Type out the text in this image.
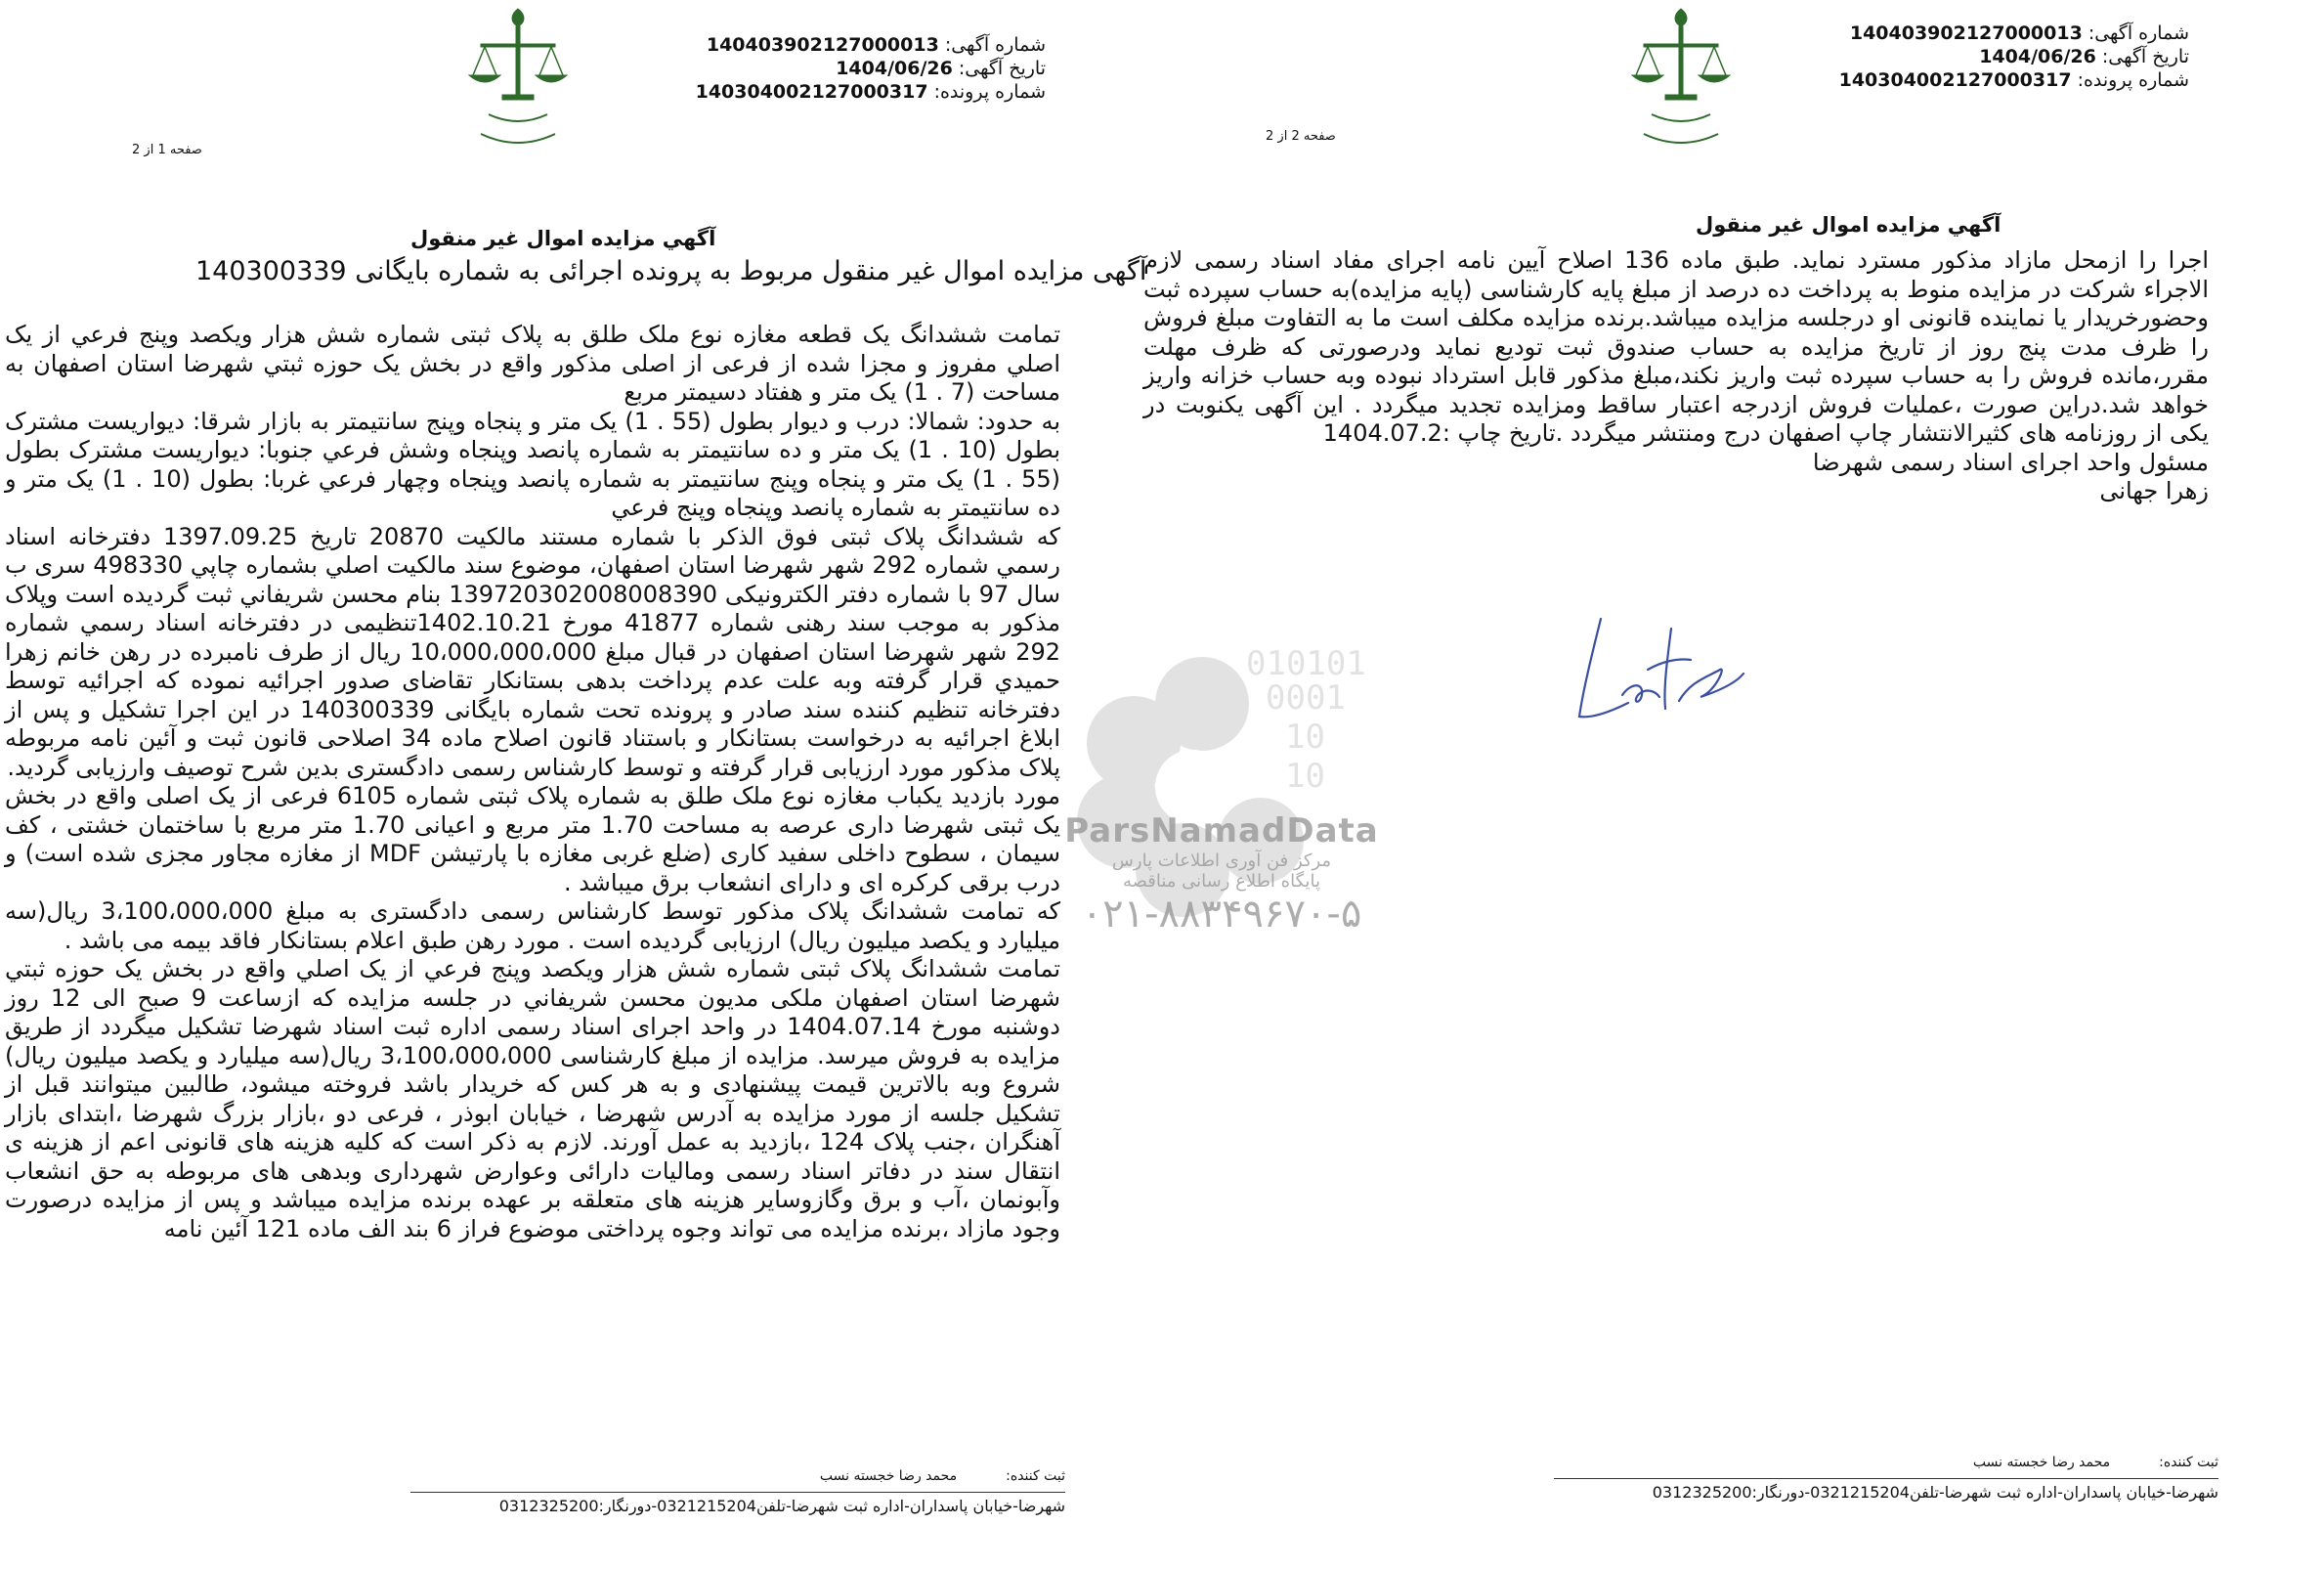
شماره آگهی:140403902127000013
تاریخ آگهی:1404/06/26
شماره پرونده:140304002127000317
صفحه 1 از 2
آگهي مزايده اموال غير منقول
آگهی مزایده اموال غیر منقول مربوط به پرونده اجرائی به شماره بایگانی 140300339

تمامت ششدانگ یک قطعه مغازه نوع ملک طلق به پلاک ثبتی شماره شش هزار ویکصد وپنج فرعي از يک اصلي مفروز و مجزا شده از فرعی از اصلی مذکور واقع در بخش یک حوزه ثبتي شهرضا استان اصفهان به مساحت (7 . 1) یک متر و هفتاد دسیمتر مربع

به حدود: شمالا: درب و دیوار بطول (55 . 1) یک متر و پنجاه وپنج سانتیمتر به بازار شرقا: دیواریست مشترک بطول (10 . 1) یک متر و ده سانتیمتر به شماره پانصد وپنجاه وشش فرعي جنوبا: دیواریست مشترک بطول (55 . 1) یک متر و پنجاه وپنج سانتیمتر به شماره پانصد وپنجاه وچهار فرعي غربا: بطول (10 . 1) یک متر و ده سانتیمتر به شماره پانصد وپنجاه وپنج فرعي

که ششدانگ پلاک ثبتی فوق الذکر با شماره مستند مالکیت 20870 تاریخ 1397.09.25 دفترخانه اسناد رسمي شماره 292 شهر شهرضا استان اصفهان، موضوع سند مالکيت اصلي بشماره چاپي 498330 سری ب سال 97 با شماره دفتر الکترونیکی 139720302008008390 بنام محسن شريفاني ثبت گردیده است وپلاک مذکور به موجب سند رهنی شماره 41877 مورخ 1402.10.21تنظیمی در دفترخانه اسناد رسمي شماره 292 شهر شهرضا استان اصفهان در قبال مبلغ 10،000،000،000 ريال از طرف نامبرده در رهن خانم زهرا حميدي قرار گرفته وبه علت عدم پرداخت بدهی بستانکار تقاضای صدور اجرائیه نموده که اجرائیه توسط دفترخانه تنظیم کننده سند صادر و پرونده تحت شماره بایگانی 140300339 در این اجرا تشکیل و پس از ابلاغ اجرائیه به درخواست بستانکار و باستناد قانون اصلاح ماده 34 اصلاحی قانون ثبت و آئین نامه مربوطه پلاک مذکور مورد ارزیابی قرار گرفته و توسط کارشناس رسمی دادگستری بدین شرح توصیف وارزیابی گردید.

مورد بازدید یکباب مغازه نوع ملک طلق به شماره پلاک ثبتی شماره 6105 فرعی از یک اصلی واقع در بخش یک ثبتی شهرضا داری عرصه به مساحت 1.70 متر مربع و اعیانی 1.70 متر مربع با ساختمان خشتی ، کف سیمان ، سطوح داخلی سفید کاری (ضلع غربی مغازه با پارتیشن MDF از مغازه مجاور مجزی شده است) و درب برقی کرکره ای و دارای انشعاب برق میباشد .

که تمامت ششدانگ پلاک مذکور توسط کارشناس رسمی دادگستری به مبلغ 3،100،000،000 ریال(سه میلیارد و یکصد میلیون ریال) ارزیابی گردیده است . مورد رهن طبق اعلام بستانکار فاقد بیمه می باشد .

تمامت ششدانگ پلاک ثبتی شماره شش هزار ویکصد وپنج فرعي از يک اصلي واقع در بخش یک حوزه ثبتي شهرضا استان اصفهان ملکی مدیون محسن شريفاني در جلسه مزایده که ازساعت 9 صبح الی 12 روز دوشنبه مورخ 1404.07.14 در واحد اجرای اسناد رسمی اداره ثبت اسناد شهرضا تشکیل میگردد از طریق مزایده به فروش میرسد. مزایده از مبلغ کارشناسی 3،100،000،000 ریال(سه میلیارد و یکصد میلیون ریال) شروع وبه بالاترین قیمت پیشنهادی و به هر کس که خریدار باشد فروخته میشود، طالبین میتوانند قبل از تشکیل جلسه از مورد مزایده به آدرس شهرضا ، خیابان ابوذر ، فرعی دو ،بازار بزرگ شهرضا ،ابتدای بازار آهنگران ،جنب پلاک 124 ،بازدید به عمل آورند. لازم به ذکر است که کلیه هزینه های قانونی اعم از هزینه ی انتقال سند در دفاتر اسناد رسمی ومالیات دارائی وعوارض شهرداری وبدهی های مربوطه به حق انشعاب وآبونمان ،آب و برق وگازوسایر هزینه های متعلقه بر عهده برنده مزایده میباشد و پس از مزایده درصورت وجود مازاد ،برنده مزایده می تواند وجوه پرداختی موضوع فراز 6 بند الف ماده 121 آئین نامه

ثبت کننده:محمد رضا خجسته نسب
شهرضا-خیابان پاسداران-اداره ثبت شهرضا-تلفن0321215204-دورنگار:0312325200
010101
0001
10
10
ParsNamadData
مرکز فن آوری اطلاعات پارس
پایگاه اطلاع رسانی مناقصه
۰۲۱-۸۸۳۴۹۶۷۰-۵
شماره آگهی:140403902127000013
تاریخ آگهی:1404/06/26
شماره پرونده:140304002127000317
صفحه 2 از 2
آگهي مزايده اموال غير منقول

اجرا را ازمحل مازاد مذکور مسترد نماید. طبق ماده 136 اصلاح آیین نامه اجرای مفاد اسناد رسمی لازم الاجراء شرکت در مزایده منوط به پرداخت ده درصد از مبلغ پایه کارشناسی (پایه مزایده)به حساب سپرده ثبت وحضورخریدار یا نماینده قانونی او درجلسه مزایده میباشد.برنده مزایده مکلف است ما به التفاوت مبلغ فروش را ظرف مدت پنج روز از تاریخ مزایده به حساب صندوق ثبت تودیع نماید ودرصورتی که ظرف مهلت مقرر،مانده فروش را به حساب سپرده ثبت واریز نکند،مبلغ مذکور قابل استرداد نبوده وبه حساب خزانه واریز خواهد شد.دراین صورت ،عملیات فروش ازدرجه اعتبار ساقط ومزایده تجدید میگردد . این آگهی یکنوبت در یکی از روزنامه های کثیرالانتشار چاپ اصفهان درج ومنتشر میگردد .تاریخ چاپ :1404.07.2

مسئول واحد اجرای اسناد رسمی شهرضا

زهرا جهانی

ثبت کننده:محمد رضا خجسته نسب
شهرضا-خیابان پاسداران-اداره ثبت شهرضا-تلفن0321215204-دورنگار:0312325200
